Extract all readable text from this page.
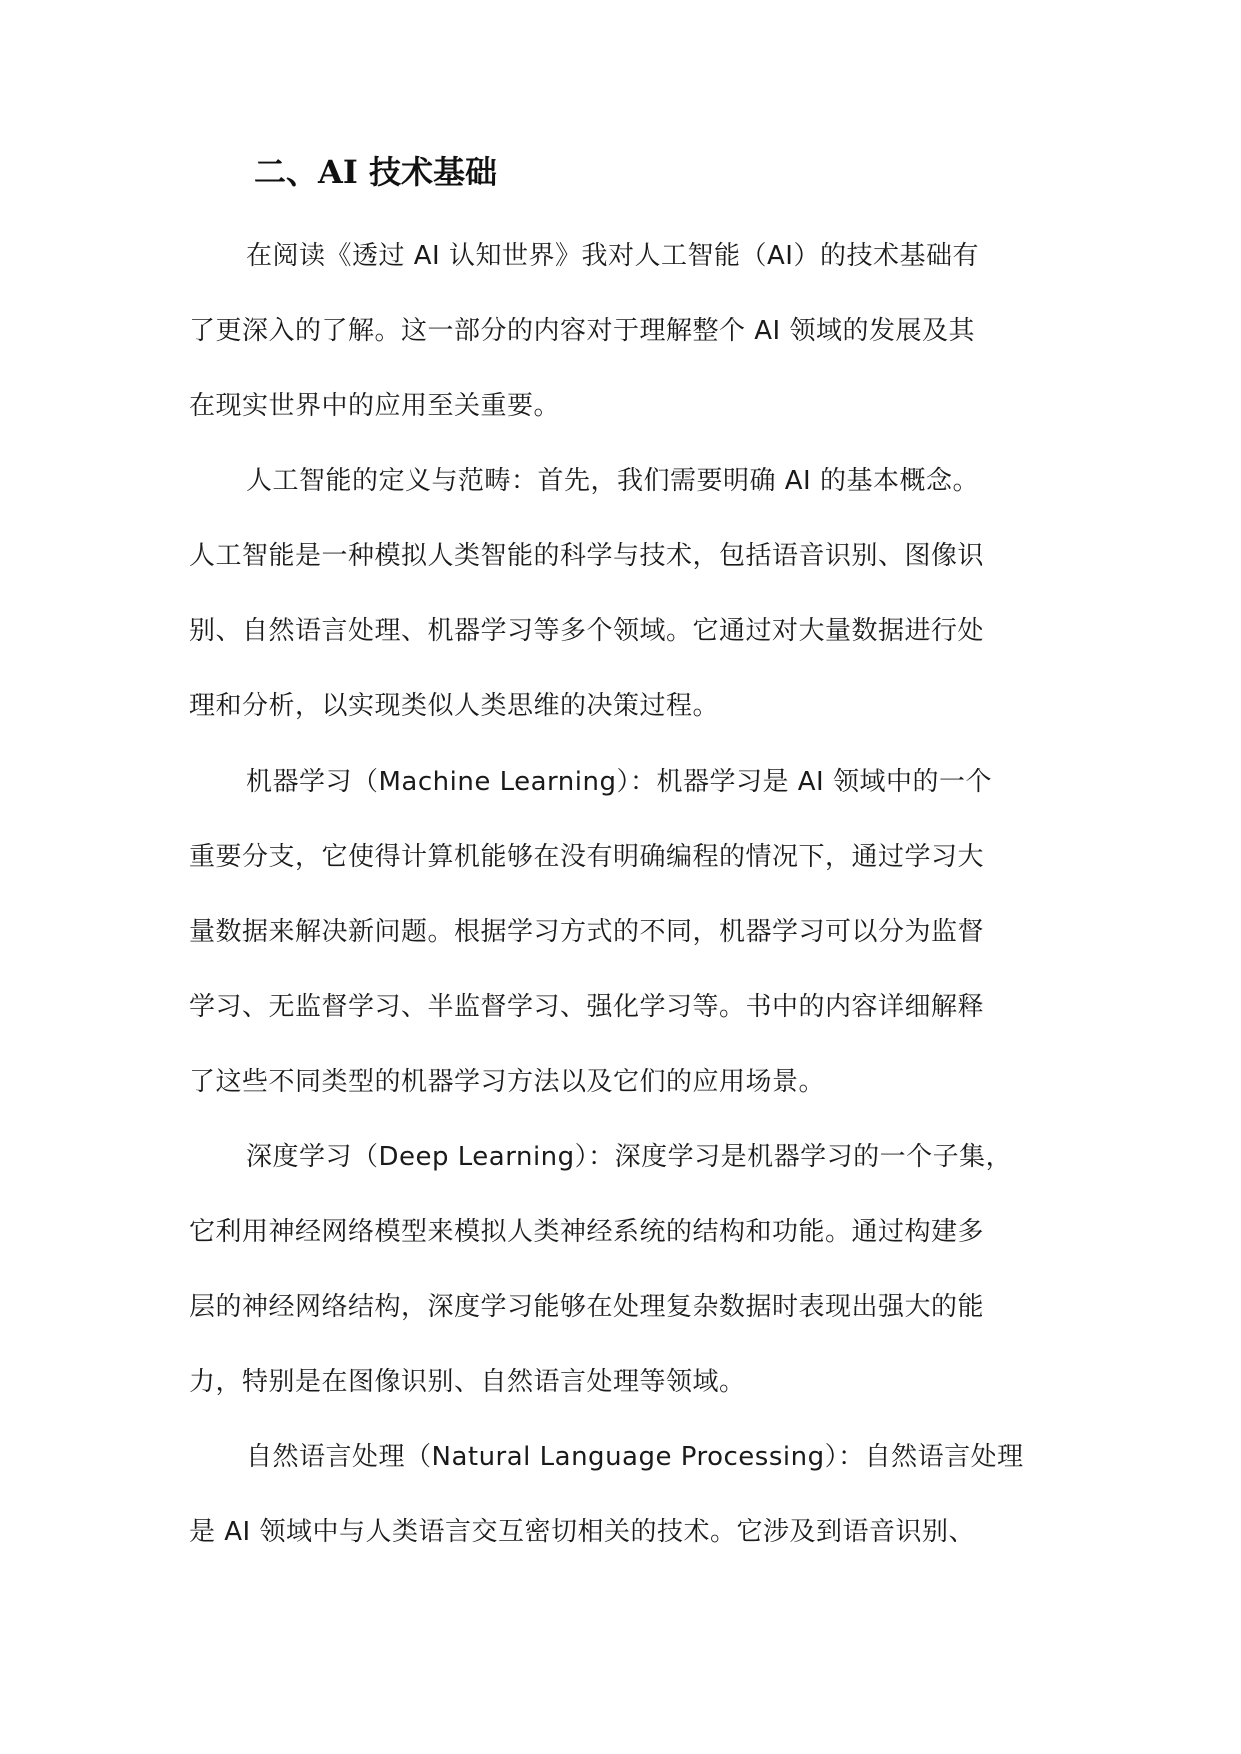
二、AI 技术基础

在阅读《透过 AI 认知世界》我对人工智能（AI）的技术基础有

了更深入的了解。这一部分的内容对于理解整个 AI 领域的发展及其

在现实世界中的应用至关重要。

人工智能的定义与范畴：首先，我们需要明确 AI 的基本概念。

人工智能是一种模拟人类智能的科学与技术，包括语音识别、图像识

别、自然语言处理、机器学习等多个领域。它通过对大量数据进行处

理和分析，以实现类似人类思维的决策过程。

机器学习（Machine Learning）：机器学习是 AI 领域中的一个

重要分支，它使得计算机能够在没有明确编程的情况下，通过学习大

量数据来解决新问题。根据学习方式的不同，机器学习可以分为监督

学习、无监督学习、半监督学习、强化学习等。书中的内容详细解释

了这些不同类型的机器学习方法以及它们的应用场景。

深度学习（Deep Learning）：深度学习是机器学习的一个子集，

它利用神经网络模型来模拟人类神经系统的结构和功能。通过构建多

层的神经网络结构，深度学习能够在处理复杂数据时表现出强大的能

力，特别是在图像识别、自然语言处理等领域。

自然语言处理（Natural Language Processing）：自然语言处理

是 AI 领域中与人类语言交互密切相关的技术。它涉及到语音识别、
